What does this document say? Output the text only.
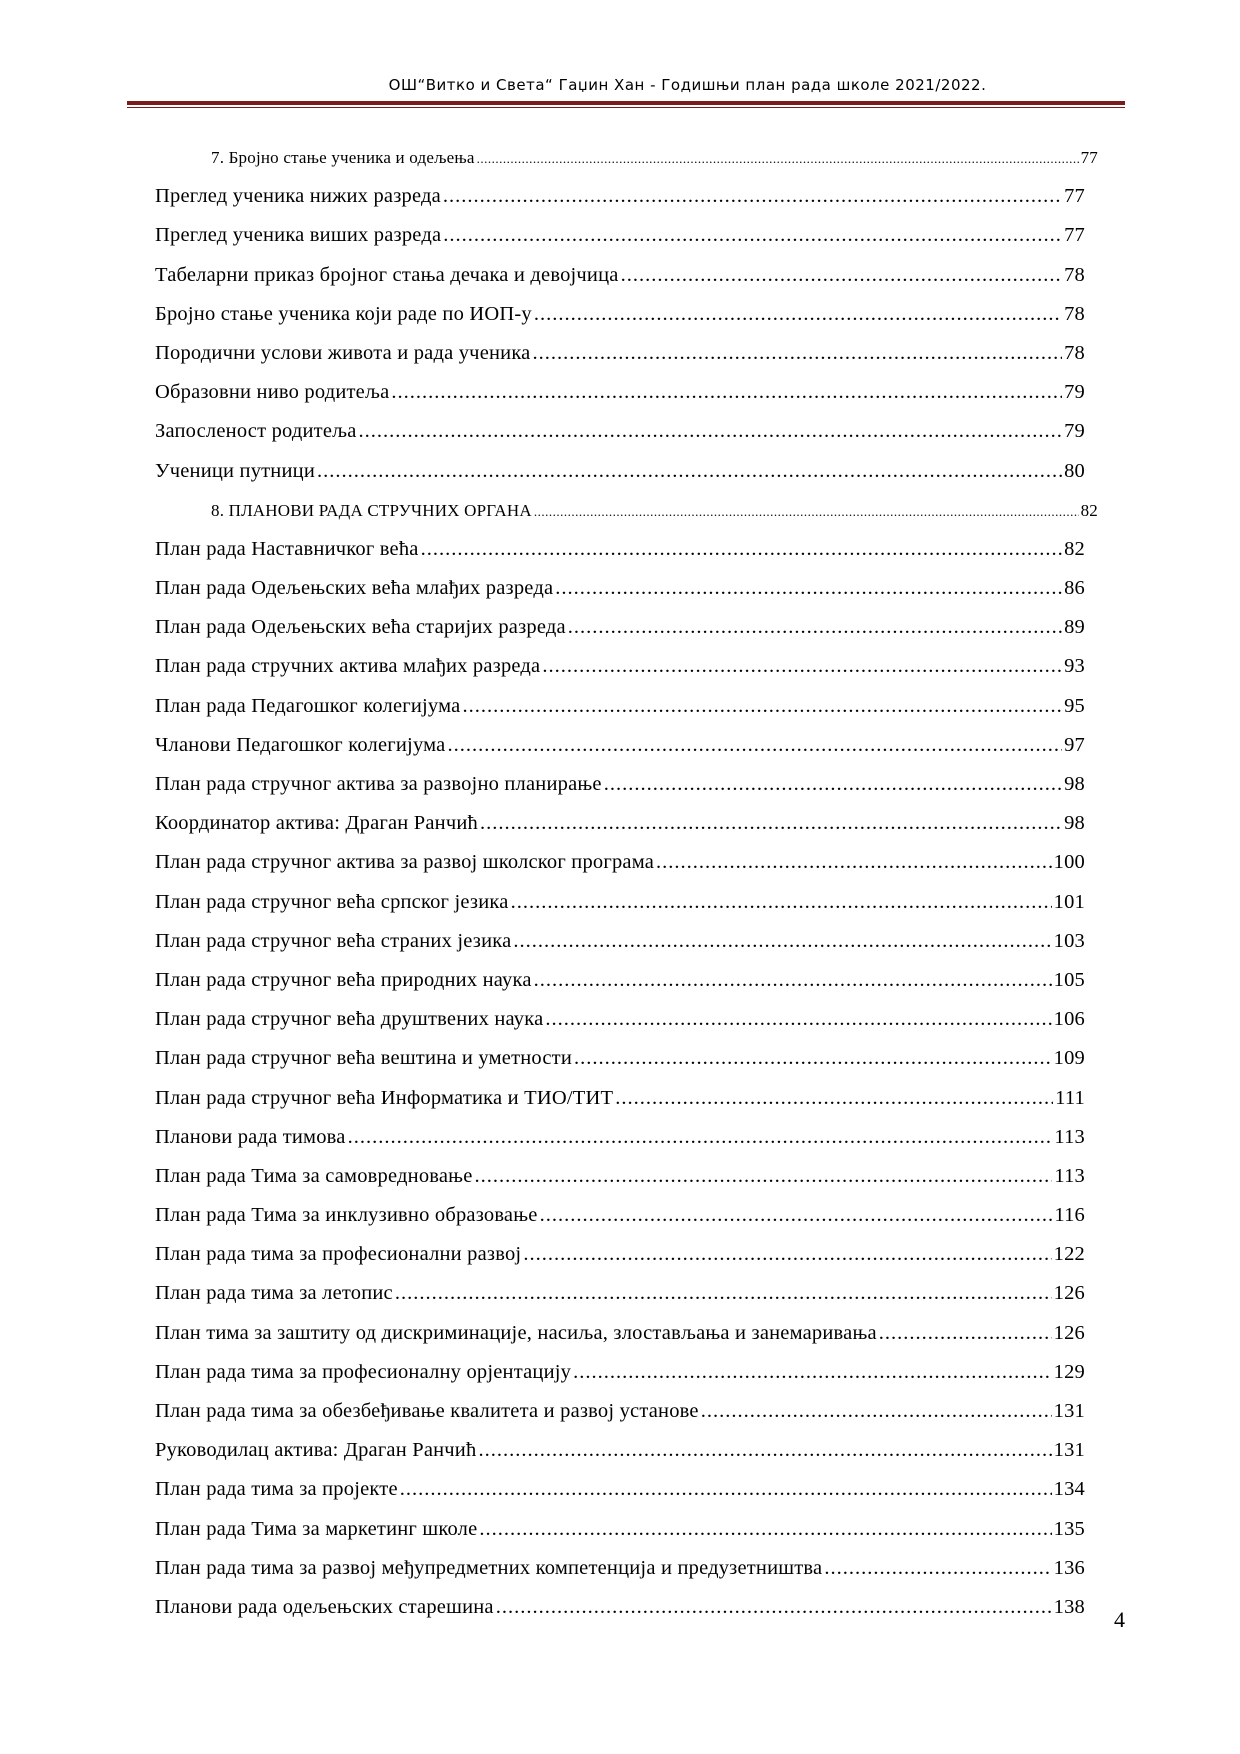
ОШ“Витко и Света“ Гаџин Хан - Годишњи план рада школе 2021/2022.
7. Бројно стање ученика и одељења .....	77
Преглед ученика нижих разреда .....	77
Преглед ученика виших разреда .....	77
Табеларни приказ бројног стања дечака и девојчица .....	78
Бројно стање ученика који раде по ИОП-у .....	78
Породични услови живота и рада ученика .....	78
Образовни ниво родитеља .....	79
Запосленост родитеља .....	79
Ученици путници .....	80
8. ПЛАНОВИ РАДА СТРУЧНИХ ОРГАНА .....	82
План рада Наставничког већа .....	82
План рада Одељењских већа млађих разреда .....	86
План рада Одељењских већа старијих разреда .....	89
План рада стручних актива млађих разреда .....	93
План рада Педагошког колегијума .....	95
Чланови Педагошког колегијума .....	97
План рада стручног актива за развојно планирање .....	98
Координатор актива: Драган Ранчић .....	98
План рада стручног актива за развој школског програма .....	100
План рада стручног већа српског језика .....	101
План рада стручног већа страних језика .....	103
План рада стручног већа природних наука .....	105
План рада стручног већа друштвених наука .....	106
План рада стручног већа вештина и уметности .....	109
План рада стручног већа Информатика и ТИО/ТИТ .....	111
Планови рада тимова .....	113
План рада Тима за самовредновање .....	113
План рада Тима за инклузивно образовање .....	116
План рада тима за професионални развој .....	122
План рада тима за летопис .....	126
План тима за заштиту од дискриминације, насиља, злостављања и занемаривања .....	126
План рада тима за професионалну орјентацију .....	129
План рада тима за обезбеђивање квалитета и развој установе .....	131
Руководилац актива: Драган Ранчић .....	131
План рада тима за пројекте .....	134
План рада Тима за маркетинг школе .....	135
План рада тима за развој међупредметних компетенција и предузетништва .....	136
Планови рада одељењских старешина .....	138
4
